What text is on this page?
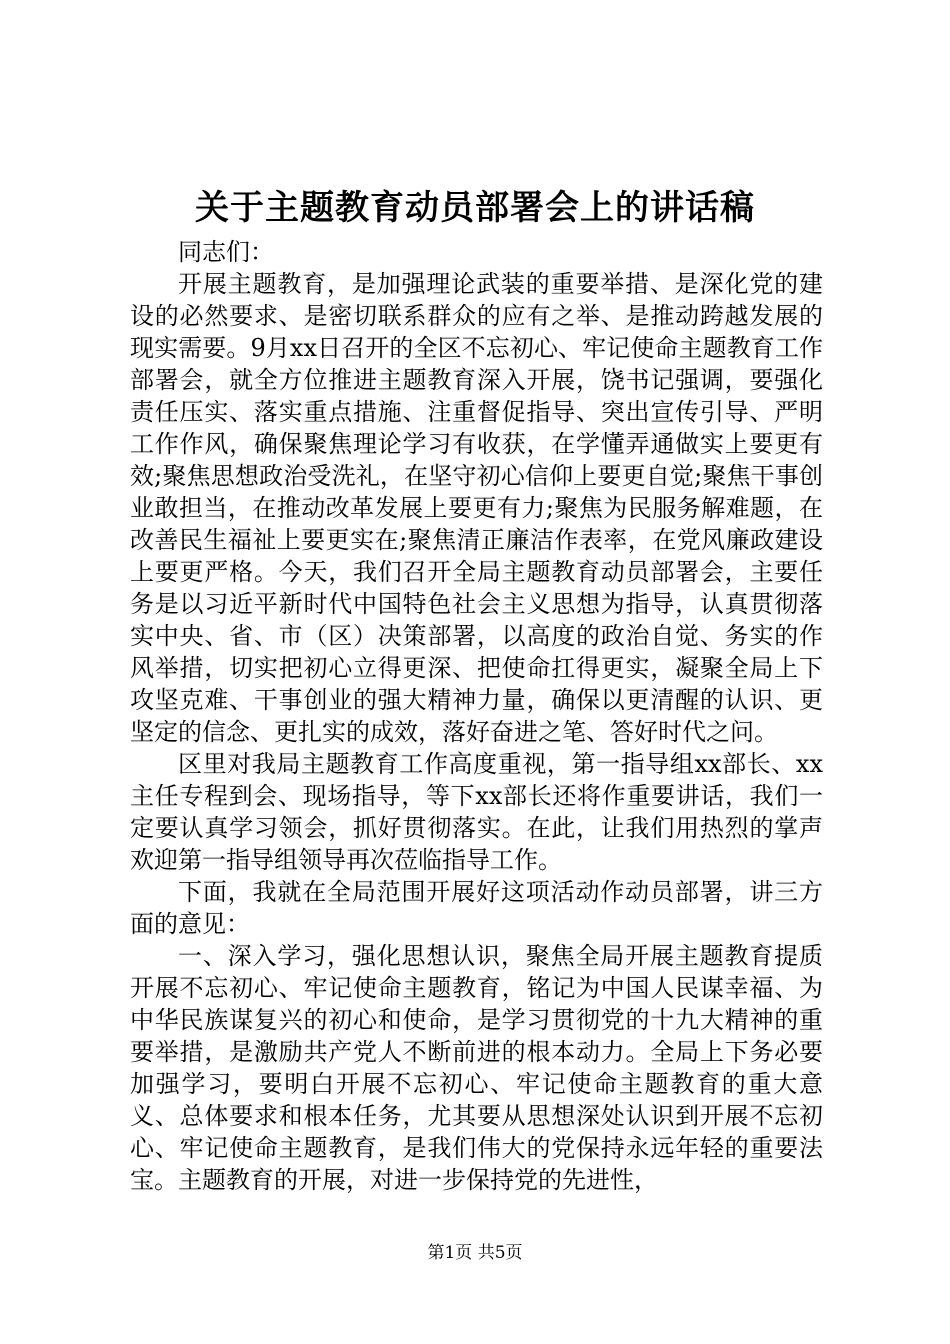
关于主题教育动员部署会上的讲话稿

同志们：

开展主题教育，是加强理论武装的重要举措、是深化党的建设的必然要求、是密切联系群众的应有之举、是推动跨越发展的现实需要。9月xx日召开的全区不忘初心、牢记使命主题教育工作部署会，就全方位推进主题教育深入开展，饶书记强调，要强化责任压实、落实重点措施、注重督促指导、突出宣传引导、严明工作作风，确保聚焦理论学习有收获，在学懂弄通做实上要更有效;聚焦思想政治受洗礼，在坚守初心信仰上要更自觉;聚焦干事创业敢担当，在推动改革发展上要更有力;聚焦为民服务解难题，在改善民生福祉上要更实在;聚焦清正廉洁作表率，在党风廉政建设上要更严格。今天，我们召开全局主题教育动员部署会，主要任务是以习近平新时代中国特色社会主义思想为指导，认真贯彻落实中央、省、市（区）决策部署，以高度的政治自觉、务实的作风举措，切实把初心立得更深、把使命扛得更实，凝聚全局上下攻坚克难、干事创业的强大精神力量，确保以更清醒的认识、更坚定的信念、更扎实的成效，落好奋进之笔、答好时代之问。

区里对我局主题教育工作高度重视，第一指导组xx部长、xx主任专程到会、现场指导，等下xx部长还将作重要讲话，我们一定要认真学习领会，抓好贯彻落实。在此，让我们用热烈的掌声欢迎第一指导组领导再次莅临指导工作。

下面，我就在全局范围开展好这项活动作动员部署，讲三方面的意见：

一、深入学习，强化思想认识，聚焦全局开展主题教育提质开展不忘初心、牢记使命主题教育，铭记为中国人民谋幸福、为中华民族谋复兴的初心和使命，是学习贯彻党的十九大精神的重要举措，是激励共产党人不断前进的根本动力。全局上下务必要加强学习，要明白开展不忘初心、牢记使命主题教育的重大意义、总体要求和根本任务，尤其要从思想深处认识到开展不忘初心、牢记使命主题教育，是我们伟大的党保持永远年轻的重要法宝。主题教育的开展，对进一步保持党的先进性，

第1页 共5页
